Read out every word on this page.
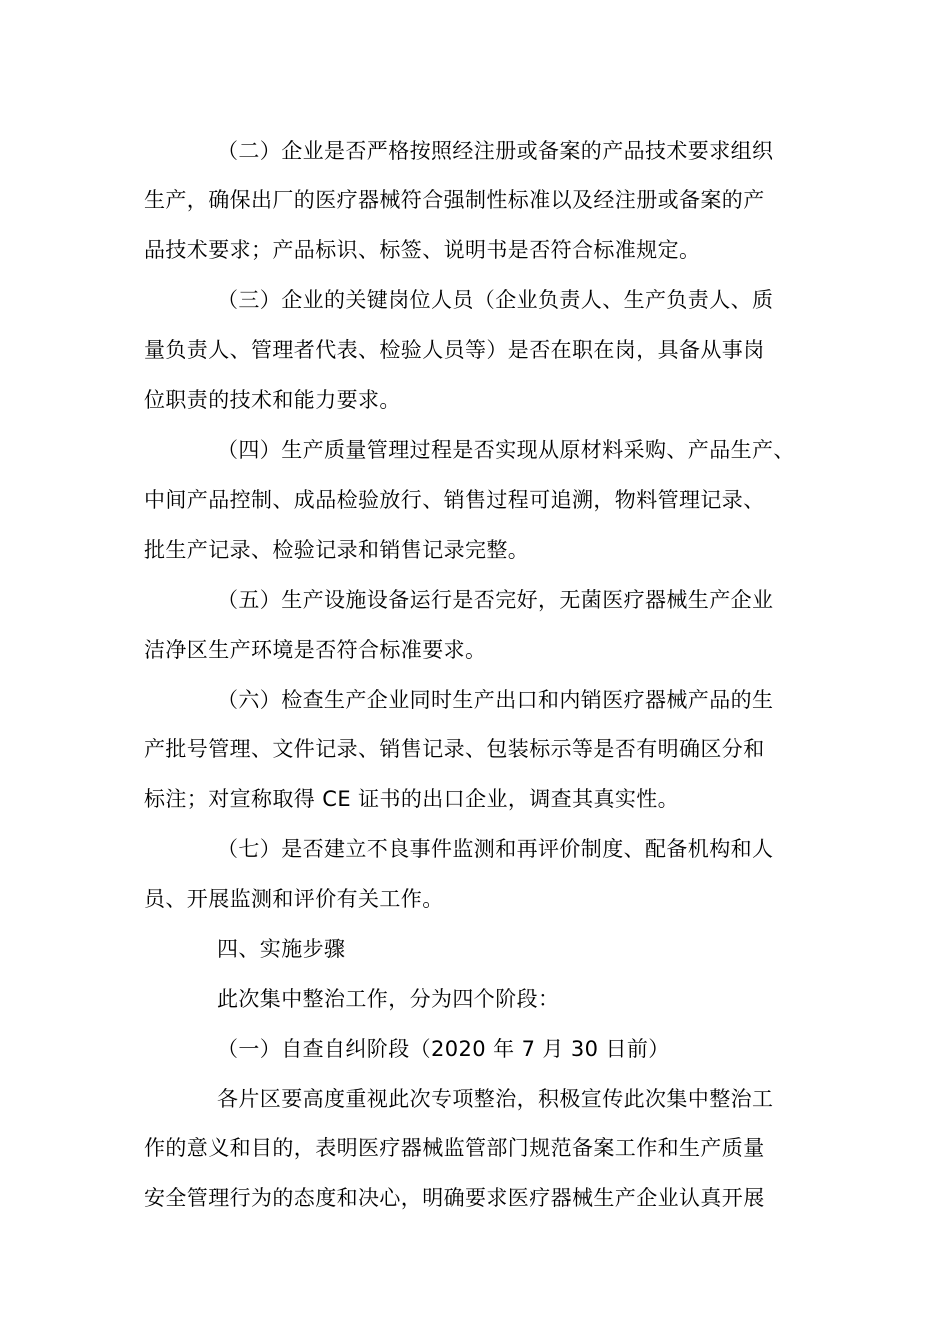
（二）企业是否严格按照经注册或备案的产品技术要求组织
生产，确保出厂的医疗器械符合强制性标准以及经注册或备案的产
品技术要求；产品标识、标签、说明书是否符合标准规定。
（三）企业的关键岗位人员（企业负责人、生产负责人、质
量负责人、管理者代表、检验人员等）是否在职在岗，具备从事岗
位职责的技术和能力要求。
（四）生产质量管理过程是否实现从原材料采购、产品生产、
中间产品控制、成品检验放行、销售过程可追溯，物料管理记录、
批生产记录、检验记录和销售记录完整。
（五）生产设施设备运行是否完好，无菌医疗器械生产企业
洁净区生产环境是否符合标准要求。
（六）检查生产企业同时生产出口和内销医疗器械产品的生
产批号管理、文件记录、销售记录、包装标示等是否有明确区分和
标注；对宣称取得 CE 证书的出口企业，调查其真实性。
（七）是否建立不良事件监测和再评价制度、配备机构和人
员、开展监测和评价有关工作。
四、实施步骤
此次集中整治工作，分为四个阶段：
（一）自查自纠阶段（2020 年 7 月 30 日前）
各片区要高度重视此次专项整治，积极宣传此次集中整治工
作的意义和目的，表明医疗器械监管部门规范备案工作和生产质量
安全管理行为的态度和决心，明确要求医疗器械生产企业认真开展
